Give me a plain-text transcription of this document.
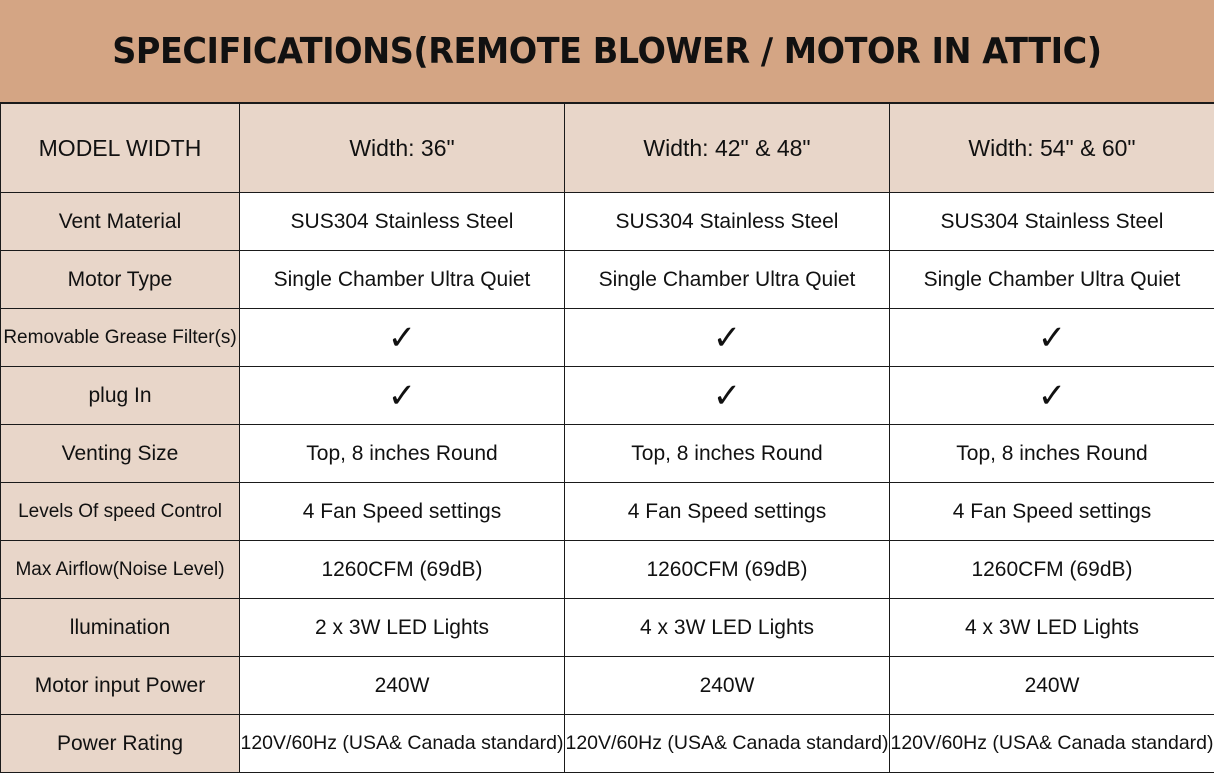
SPECIFICATIONS(REMOTE BLOWER / MOTOR IN ATTIC)
MODEL WIDTH	Width: 36"	Width: 42" & 48"	Width: 54" & 60"
Vent Material	SUS304 Stainless Steel	SUS304 Stainless Steel	SUS304 Stainless Steel
Motor Type	Single Chamber Ultra Quiet	Single Chamber Ultra Quiet	Single Chamber Ultra Quiet
Removable Grease Filter(s)	✓	✓	✓
plug In	✓	✓	✓
Venting Size	Top, 8 inches Round	Top, 8 inches Round	Top, 8 inches Round
Levels Of speed Control	4 Fan Speed settings	4 Fan Speed settings	4 Fan Speed settings
Max Airflow(Noise Level)	1260CFM (69dB)	1260CFM (69dB)	1260CFM (69dB)
llumination	2 x 3W LED Lights	4 x 3W LED Lights	4 x 3W LED Lights
Motor input Power	240W	240W	240W
Power Rating	120V/60Hz (USA& Canada standard)	120V/60Hz (USA& Canada standard)	120V/60Hz (USA& Canada standard)
